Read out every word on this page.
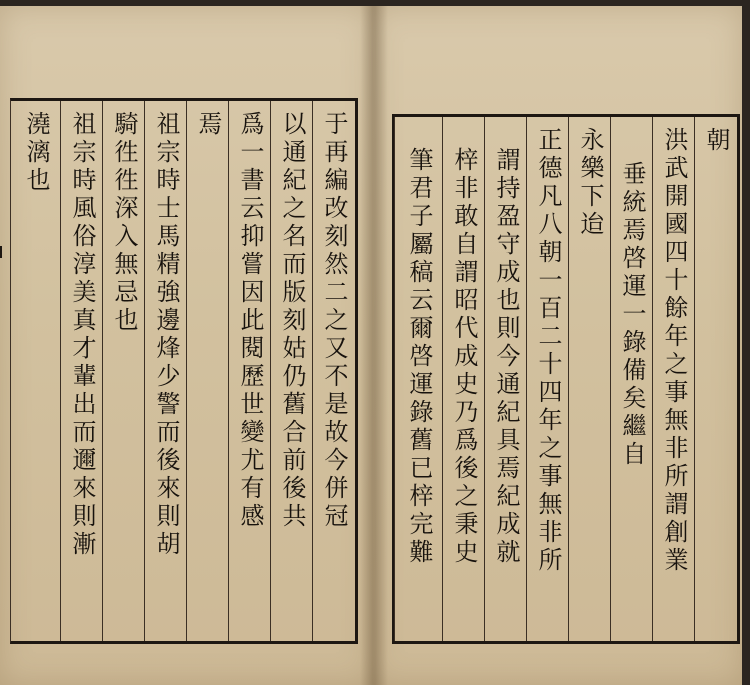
于再編改刻然二之又不是故今併冠
以通紀之名而版刻姑仍舊合前後共
爲一書云抑嘗因此閱歷世變尤有感
焉
祖宗時士馬精強邊烽少警而後來則胡
騎徃徃深入無忌也
祖宗時風俗淳美真才輩出而邇來則漸
澆漓也	朝
洪武開國四十餘年之事無非所謂創業
垂統焉啓運一錄備矣繼自
永樂下迨
正德凡八朝一百二十四年之事無非所
謂持盈守成也則今通紀具焉紀成就
梓非敢自謂昭代成史乃爲後之秉史
筆君子屬稿云爾啓運錄舊已梓完難
